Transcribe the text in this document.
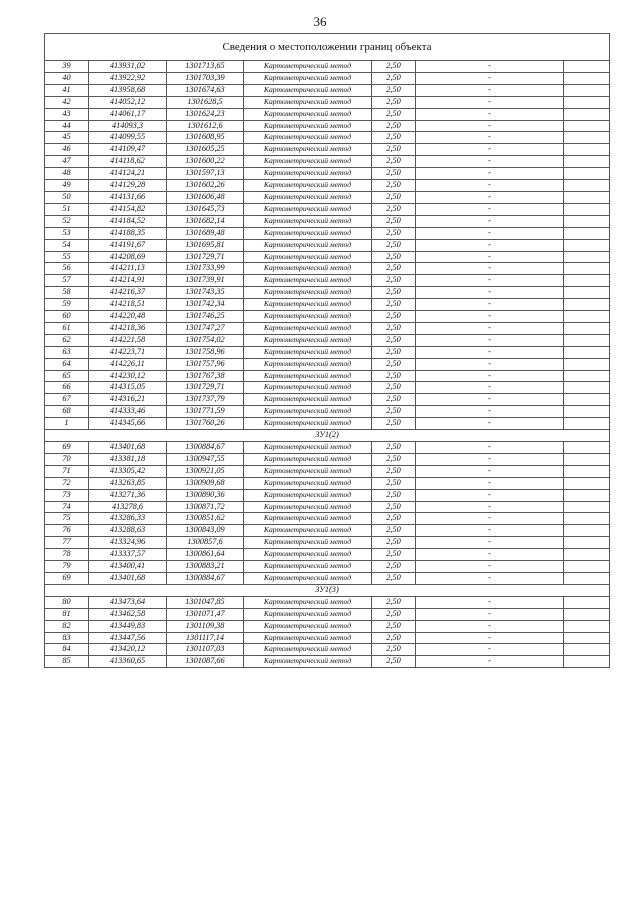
36
Сведения о местоположении границ объекта						
39	413931,02	1301713,65	Картометрический метод	2,50	-	
40	413922,92	1301703,39	Картометрический метод	2,50	-	
41	413958,68	1301674,63	Картометрический метод	2,50	-	
42	414052,12	1301628,5	Картометрический метод	2,50	-	
43	414061,17	1301624,23	Картометрический метод	2,50	-	
44	414093,3	1301612,6	Картометрический метод	2,50	-	
45	414099,55	1301608,95	Картометрический метод	2,50	-	
46	414109,47	1301605,25	Картометрический метод	2,50	-	
47	414118,62	1301600,22	Картометрический метод	2,50	-	
48	414124,21	1301597,13	Картометрический метод	2,50	-	
49	414129,28	1301602,26	Картометрический метод	2,50	-	
50	414131,66	1301606,48	Картометрический метод	2,50	-	
51	414154,82	1301645,73	Картометрический метод	2,50	-	
52	414184,52	1301682,14	Картометрический метод	2,50	-	
53	414188,35	1301689,48	Картометрический метод	2,50	-	
54	414191,67	1301695,81	Картометрический метод	2,50	-	
55	414208,69	1301729,71	Картометрический метод	2,50	-	
56	414211,13	1301733,99	Картометрический метод	2,50	-	
57	414214,91	1301739,91	Картометрический метод	2,50	-	
58	414216,37	1301743,35	Картометрический метод	2,50	-	
59	414218,51	1301742,34	Картометрический метод	2,50	-	
60	414220,48	1301746,25	Картометрический метод	2,50	-	
61	414218,36	1301747,27	Картометрический метод	2,50	-	
62	414221,58	1301754,02	Картометрический метод	2,50	-	
63	414223,71	1301758,96	Картометрический метод	2,50	-	
64	414226,11	1301757,96	Картометрический метод	2,50	-	
65	414230,12	1301767,38	Картометрический метод	2,50	-	
66	414315,05	1301729,71	Картометрический метод	2,50	-	
67	414316,21	1301737,79	Картометрический метод	2,50	-	
68	414333,46	1301771,59	Картометрический метод	2,50	-	
1	414345,66	1301760,26	Картометрический метод	2,50	-	
ЗУ1(2)						
69	413401,68	1300884,67	Картометрический метод	2,50	-	
70	413381,18	1300947,55	Картометрический метод	2,50	-	
71	413305,42	1300921,05	Картометрический метод	2,50	-	
72	413263,85	1300909,68	Картометрический метод	2,50	-	
73	413271,36	1300890,36	Картометрический метод	2,50	-	
74	413278,6	1300871,72	Картометрический метод	2,50	-	
75	413286,33	1300851,62	Картометрический метод	2,50	-	
76	413288,63	1300843,09	Картометрический метод	2,50	-	
77	413324,96	1300857,6	Картометрический метод	2,50	-	
78	413337,57	1300861,64	Картометрический метод	2,50	-	
79	413400,41	1300883,21	Картометрический метод	2,50	-	
69	413401,68	1300884,67	Картометрический метод	2,50	-	
ЗУ1(3)						
80	413473,64	1301047,85	Картометрический метод	2,50	-	
81	413462,58	1301071,47	Картометрический метод	2,50	-	
82	413449,83	1301109,38	Картометрический метод	2,50	-	
83	413447,56	1301117,14	Картометрический метод	2,50	-	
84	413420,12	1301107,03	Картометрический метод	2,50	-	
85	413360,65	1301087,66	Картометрический метод	2,50	-	
